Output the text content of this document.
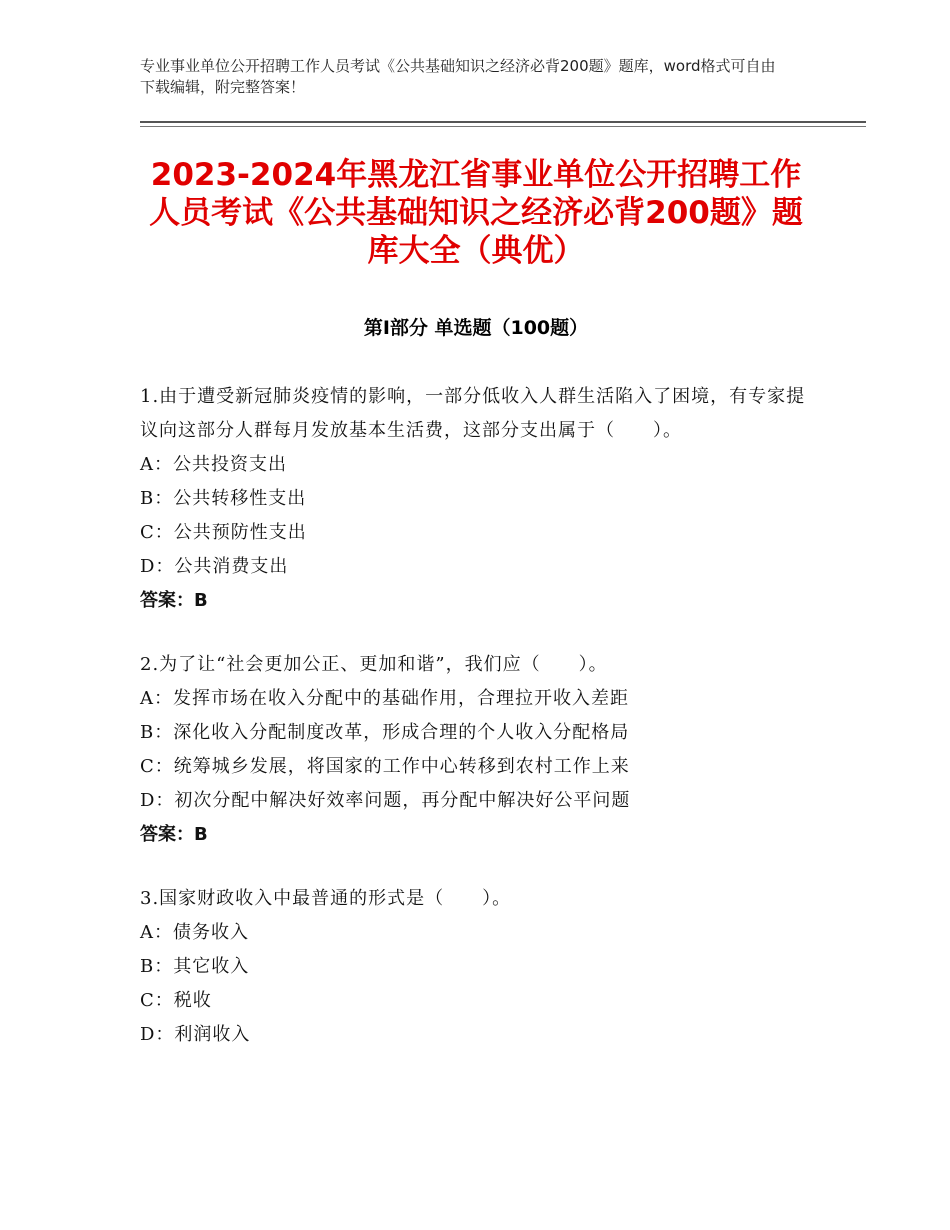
专业事业单位公开招聘工作人员考试《公共基础知识之经济必背200题》题库，word格式可自由下载编辑，附完整答案！
2023-2024年黑龙江省事业单位公开招聘工作人员考试《公共基础知识之经济必背200题》题库大全（典优）
第Ⅰ部分 单选题（100题）
1.由于遭受新冠肺炎疫情的影响，一部分低收入人群生活陷入了困境，有专家提议向这部分人群每月发放基本生活费，这部分支出属于（　　）。
A：公共投资支出
B：公共转移性支出
C：公共预防性支出
D：公共消费支出
答案：B
2.为了让“社会更加公正、更加和谐”，我们应（　　）。
A：发挥市场在收入分配中的基础作用，合理拉开收入差距
B：深化收入分配制度改革，形成合理的个人收入分配格局
C：统筹城乡发展，将国家的工作中心转移到农村工作上来
D：初次分配中解决好效率问题，再分配中解决好公平问题
答案：B
3.国家财政收入中最普通的形式是（　　）。
A：债务收入
B：其它收入
C：税收
D：利润收入
